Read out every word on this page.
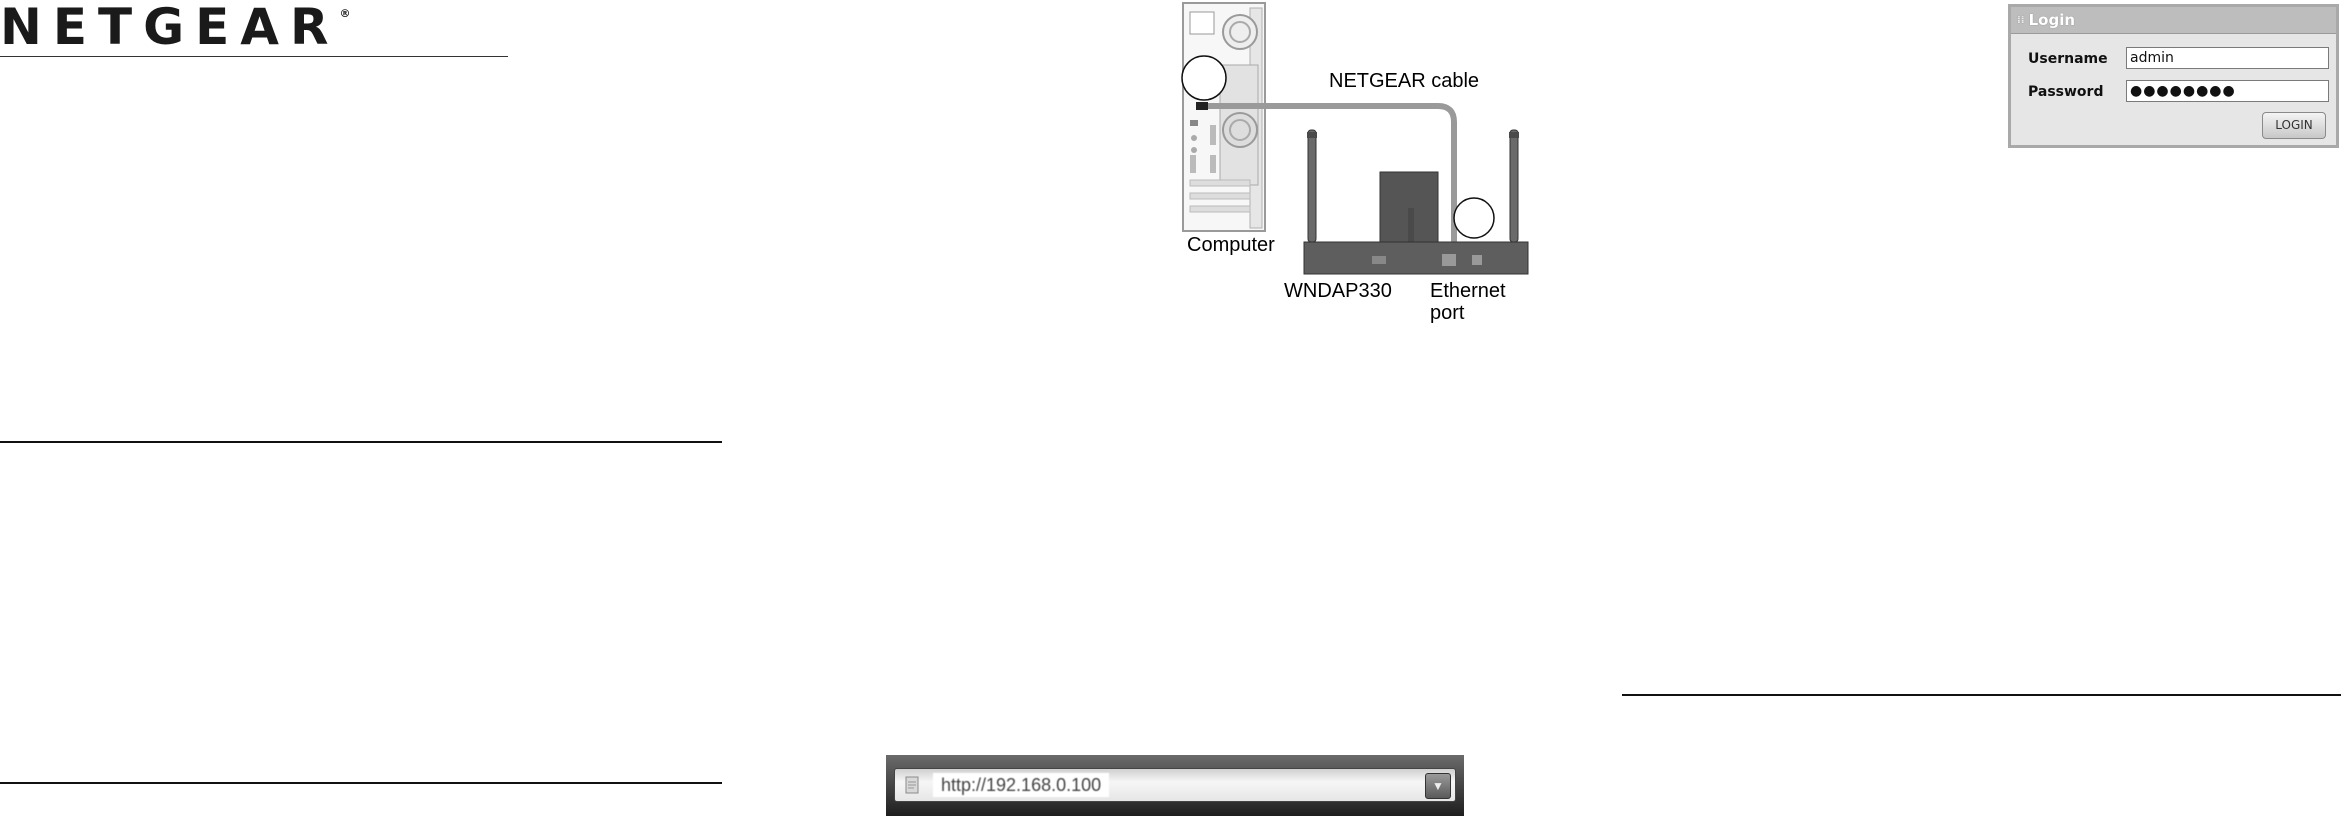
NETGEAR®
NETGEAR cable
Computer
WNDAP330 Ethernet
port
http://192.168.0.100	▼
⁞⁞ Login
Username admin
Password ●●●●●●●●
LOGIN
